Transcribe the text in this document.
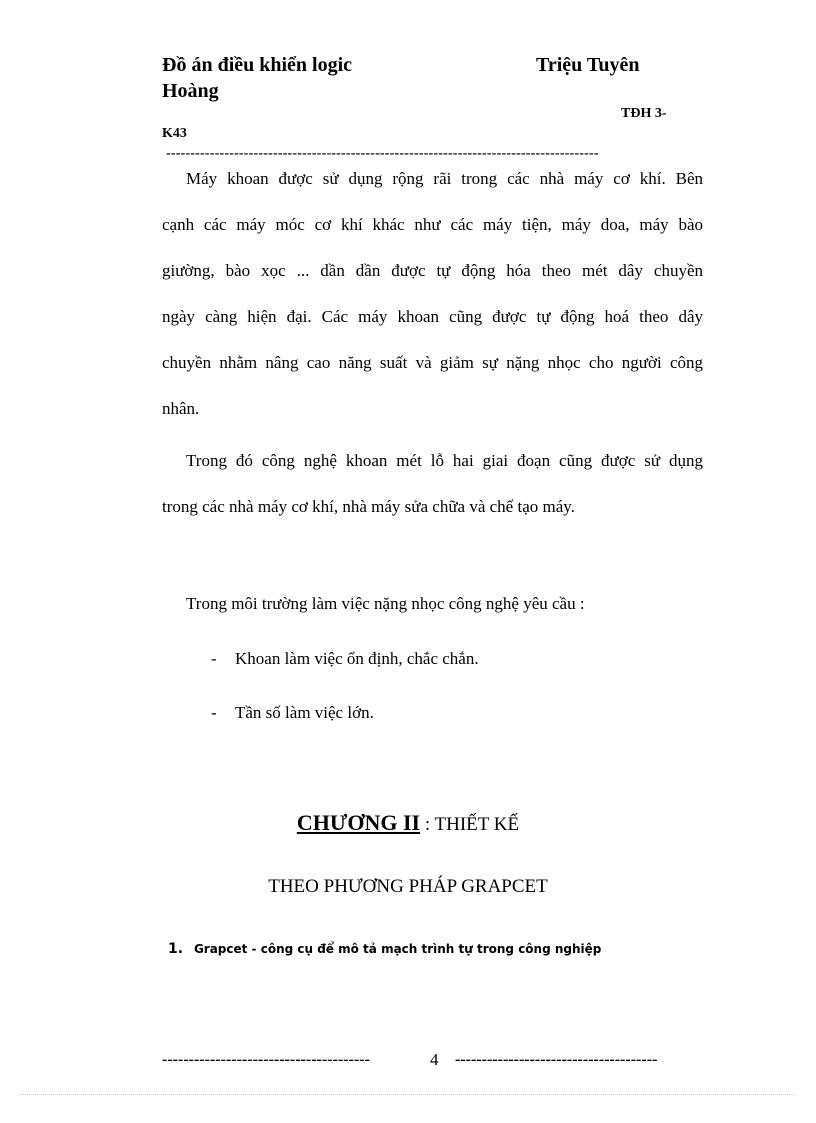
Đồ án điều khiển logic	Triệu Tuyên
Hoàng
TĐH 3-
K43
-----------------------------------------------------------------------------------------
Máy khoan được sử dụng rộng rãi trong các nhà máy cơ khí. Bên
cạnh các máy móc cơ khí khác như các máy tiện, máy doa, máy bào
giường, bào xọc ... dần dần được tự động hóa theo mét dây chuyền
ngày càng hiện đại. Các máy khoan cũng được tự động hoá theo dây
chuyền nhằm nâng cao năng suất và giảm sự nặng nhọc cho người công
nhân.
Trong đó công nghệ khoan mét lỗ hai giai đoạn cũng được sử dụng
trong các nhà máy cơ khí, nhà máy sửa chữa và chế tạo máy.
Trong môi trường làm việc nặng nhọc công nghệ yêu cầu :
- Khoan làm việc ổn định, chắc chắn.
- Tần số làm việc lớn.
CHƯƠNG II : THIẾT KẾ
THEO PHƯƠNG PHÁP GRAPCET
1. Grapcet - công cụ để mô tả mạch trình tự trong công nghiệp
---------------------------------------	4 --------------------------------------
